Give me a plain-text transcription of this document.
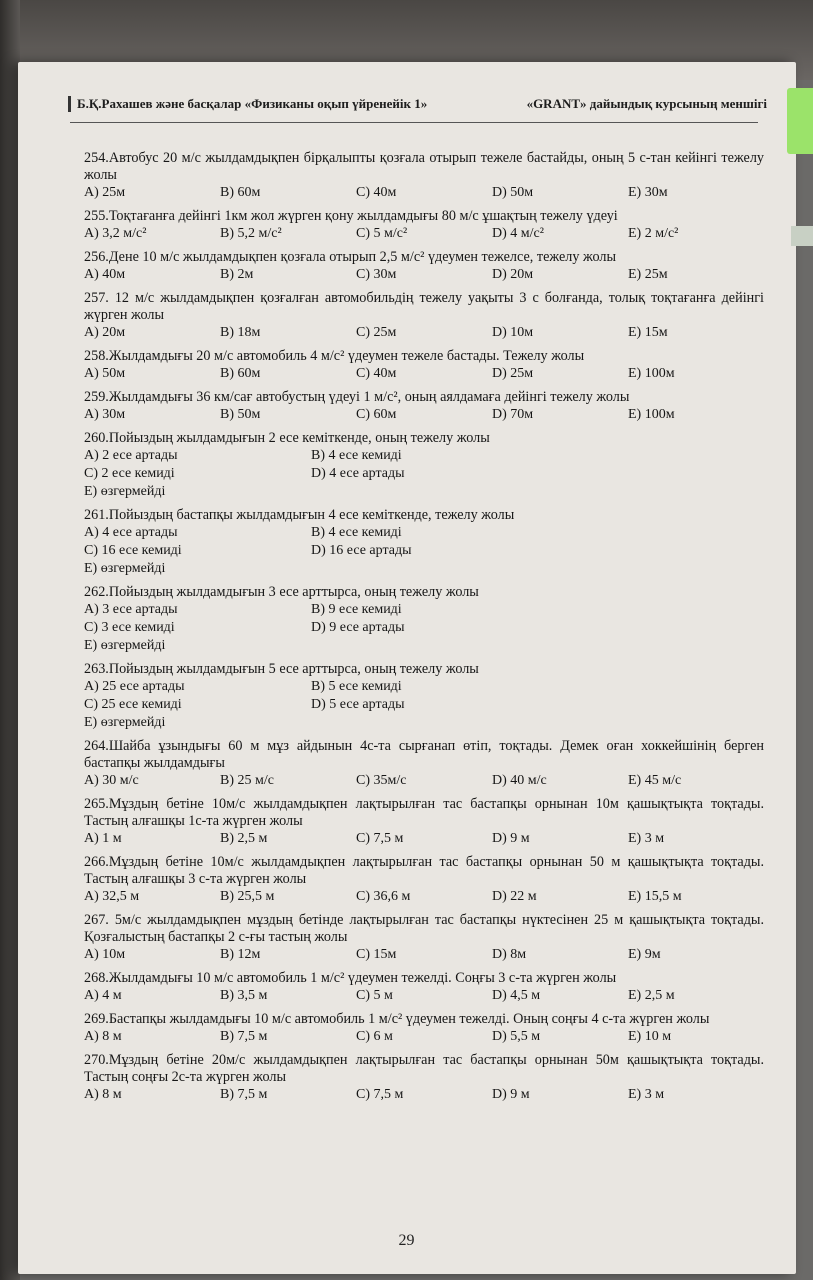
Б.Қ.Рахашев және басқалар «Физиканы оқып үйренейік 1»	«GRANT» дайындық курсының меншігі
254.Автобус 20 м/с жылдамдықпен бірқалыпты қозғала отырып тежеле бастайды, оның 5 с-тан кейінгі тежелу жолы
A) 25м	B) 60м	C) 40м	D) 50м	E) 30м
255.Тоқтағанға дейінгі 1км жол жүрген қону жылдамдығы 80 м/с ұшақтың тежелу үдеуі
A) 3,2 м/с²	B) 5,2 м/с²	C) 5 м/с²	D) 4 м/с²	E) 2 м/с²
256.Дене 10 м/с жылдамдықпен қозғала отырып 2,5 м/с² үдеумен тежелсе, тежелу жолы
A) 40м	B) 2м	C) 30м	D) 20м	E) 25м
257. 12 м/с жылдамдықпен қозғалған автомобильдің тежелу уақыты 3 с болғанда, толық тоқтағанға дейінгі жүрген жолы
A) 20м	B) 18м	C) 25м	D) 10м	E) 15м
258.Жылдамдығы 20 м/с автомобиль 4 м/с² үдеумен тежеле бастады. Тежелу жолы
A) 50м	B) 60м	C) 40м	D) 25м	E) 100м
259.Жылдамдығы 36 км/сағ автобустың үдеуі 1 м/с², оның аялдамаға дейінгі тежелу жолы
A) 30м	B) 50м	C) 60м	D) 70м	E) 100м
260.Пойыздың жылдамдығын 2 есе кеміткенде, оның тежелу жолы
A) 2 есе артады	B) 4 есе кемиді
C) 2 есе кемиді	D) 4 есе артады
E) өзгермейді
261.Пойыздың бастапқы жылдамдығын 4 есе кеміткенде, тежелу жолы
A) 4 есе артады	B) 4 есе кемиді
C) 16 есе кемиді	D) 16 есе артады
E) өзгермейді
262.Пойыздың жылдамдығын 3 есе арттырса, оның тежелу жолы
A) 3 есе артады	B) 9 есе кемиді
C) 3 есе кемиді	D) 9 есе артады
E) өзгермейді
263.Пойыздың жылдамдығын 5 есе арттырса, оның тежелу жолы
A) 25 есе артады	B) 5 есе кемиді
C) 25 есе кемиді	D) 5 есе артады
E) өзгермейді
264.Шайба ұзындығы 60 м мұз айдынын 4с-та сырғанап өтіп, тоқтады. Демек оған хоккейшінің берген бастапқы жылдамдығы
A) 30 м/с	B) 25 м/с	C) 35м/с	D) 40 м/с	E) 45 м/с
265.Мұздың бетіне 10м/с жылдамдықпен лақтырылған тас бастапқы орнынан 10м қашықтықта тоқтады. Тастың алғашқы 1с-та жүрген жолы
A) 1 м	B) 2,5 м	C) 7,5 м	D) 9 м	E) 3 м
266.Мұздың бетіне 10м/с жылдамдықпен лақтырылған тас бастапқы орнынан 50 м қашықтықта тоқтады. Тастың алғашқы 3 с-та жүрген жолы
A) 32,5 м	B) 25,5 м	C) 36,6 м	D) 22 м	E) 15,5 м
267. 5м/с жылдамдықпен мұздың бетінде лақтырылған тас бастапқы нүктесінен 25 м қашықтықта тоқтады. Қозғалыстың бастапқы 2 с-ғы тастың жолы
A) 10м	B) 12м	C) 15м	D) 8м	E) 9м
268.Жылдамдығы 10 м/с автомобиль 1 м/с² үдеумен тежелді. Соңғы 3 с-та жүрген жолы
A) 4 м	B) 3,5 м	C) 5 м	D) 4,5 м	E) 2,5 м
269.Бастапқы жылдамдығы 10 м/с автомобиль 1 м/с² үдеумен тежелді. Оның соңғы 4 с-та жүрген жолы
A) 8 м	B) 7,5 м	C) 6 м	D) 5,5 м	E) 10 м
270.Мұздың бетіне 20м/с жылдамдықпен лақтырылған тас бастапқы орнынан 50м қашықтықта тоқтады. Тастың соңғы 2с-та жүрген жолы
A) 8 м	B) 7,5 м	C) 7,5 м	D) 9 м	E) 3 м
29
